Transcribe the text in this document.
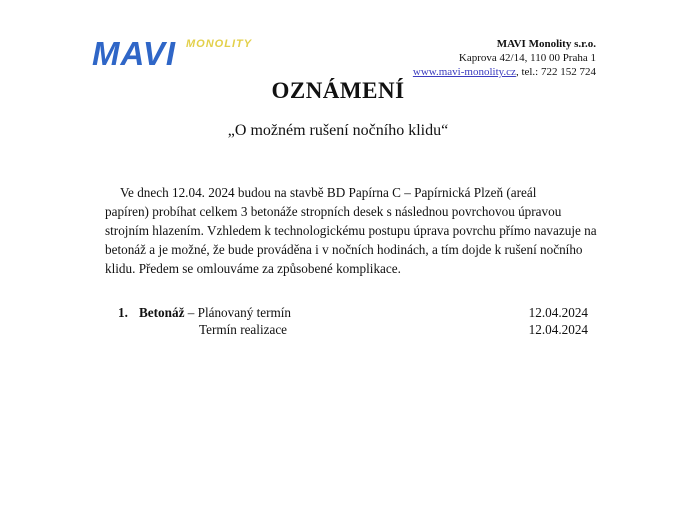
MAVI MONOLITY	MAVI Monolity s.r.o.
Kaprova 42/14, 110 00 Praha 1
www.mavi-monolity.cz, tel.: 722 152 724
OZNÁMENÍ
„O možném rušení nočního klidu“
Ve dnech 12.04. 2024 budou na stavbě BD Papírna C – Papírnická Plzeň (areál
papíren) probíhat celkem 3 betonáže stropních desek s následnou povrchovou úpravou
strojním hlazením. Vzhledem k technologickému postupu úprava povrchu přímo navazuje na
betonáž a je možné, že bude prováděna i v nočních hodinách, a tím dojde k rušení nočního
klidu. Předem se omlouváme za způsobené komplikace.
1. Betonáž – Plánovaný termín	12.04.2024
Termín realizace	12.04.2024
